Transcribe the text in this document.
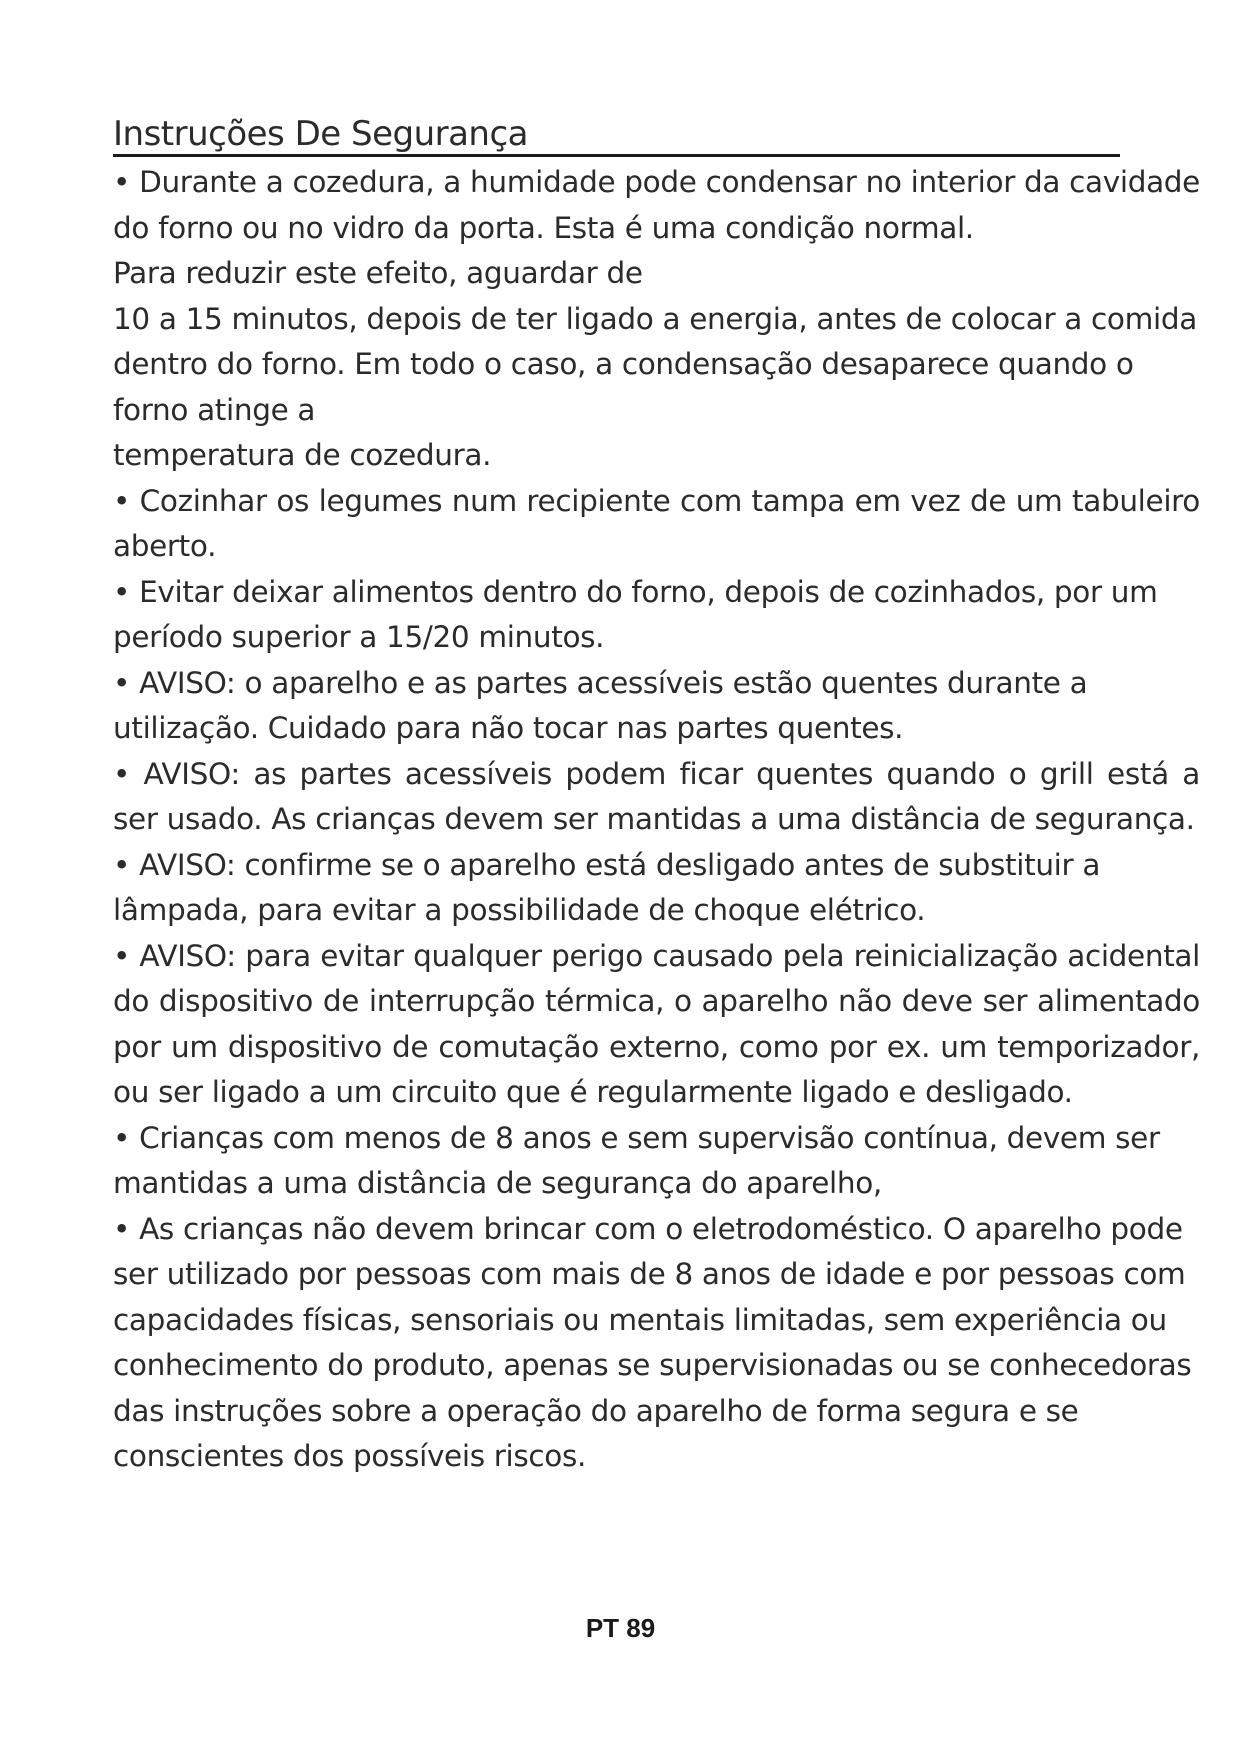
Instruções De Segurança

• Durante a cozedura, a humidade pode condensar no interior da cavidade do forno ou no vidro da porta. Esta é uma condição normal.

Para reduzir este efeito, aguardar de

10 a 15 minutos, depois de ter ligado a energia, antes de colocar a comida dentro do forno. Em todo o caso, a condensação desaparece quando o forno atinge a

temperatura de cozedura.

• Cozinhar os legumes num recipiente com tampa em vez de um tabuleiro aberto.

• Evitar deixar alimentos dentro do forno, depois de cozinhados, por um período superior a 15/20 minutos.

• AVISO: o aparelho e as partes acessíveis estão quentes durante a utilização. Cuidado para não tocar nas partes quentes.

• AVISO: as partes acessíveis podem ficar quentes quando o grill está a ser usado. As crianças devem ser mantidas a uma distância de segurança.

• AVISO: confirme se o aparelho está desligado antes de substituir a lâmpada, para evitar a possibilidade de choque elétrico.

• AVISO: para evitar qualquer perigo causado pela reinicialização acidental do dispositivo de interrupção térmica, o aparelho não deve ser alimentado por um dispositivo de comutação externo, como por ex. um temporizador, ou ser ligado a um circuito que é regularmente ligado e desligado.

• Crianças com menos de 8 anos e sem supervisão contínua, devem ser mantidas a uma distância de segurança do aparelho,

• As crianças não devem brincar com o eletrodoméstico. O aparelho pode ser utilizado por pessoas com mais de 8 anos de idade e por pessoas com capacidades físicas, sensoriais ou mentais limitadas, sem experiência ou conhecimento do produto, apenas se supervisionadas ou se conhecedoras das instruções sobre a operação do aparelho de forma segura e se conscientes dos possíveis riscos.

PT 89
